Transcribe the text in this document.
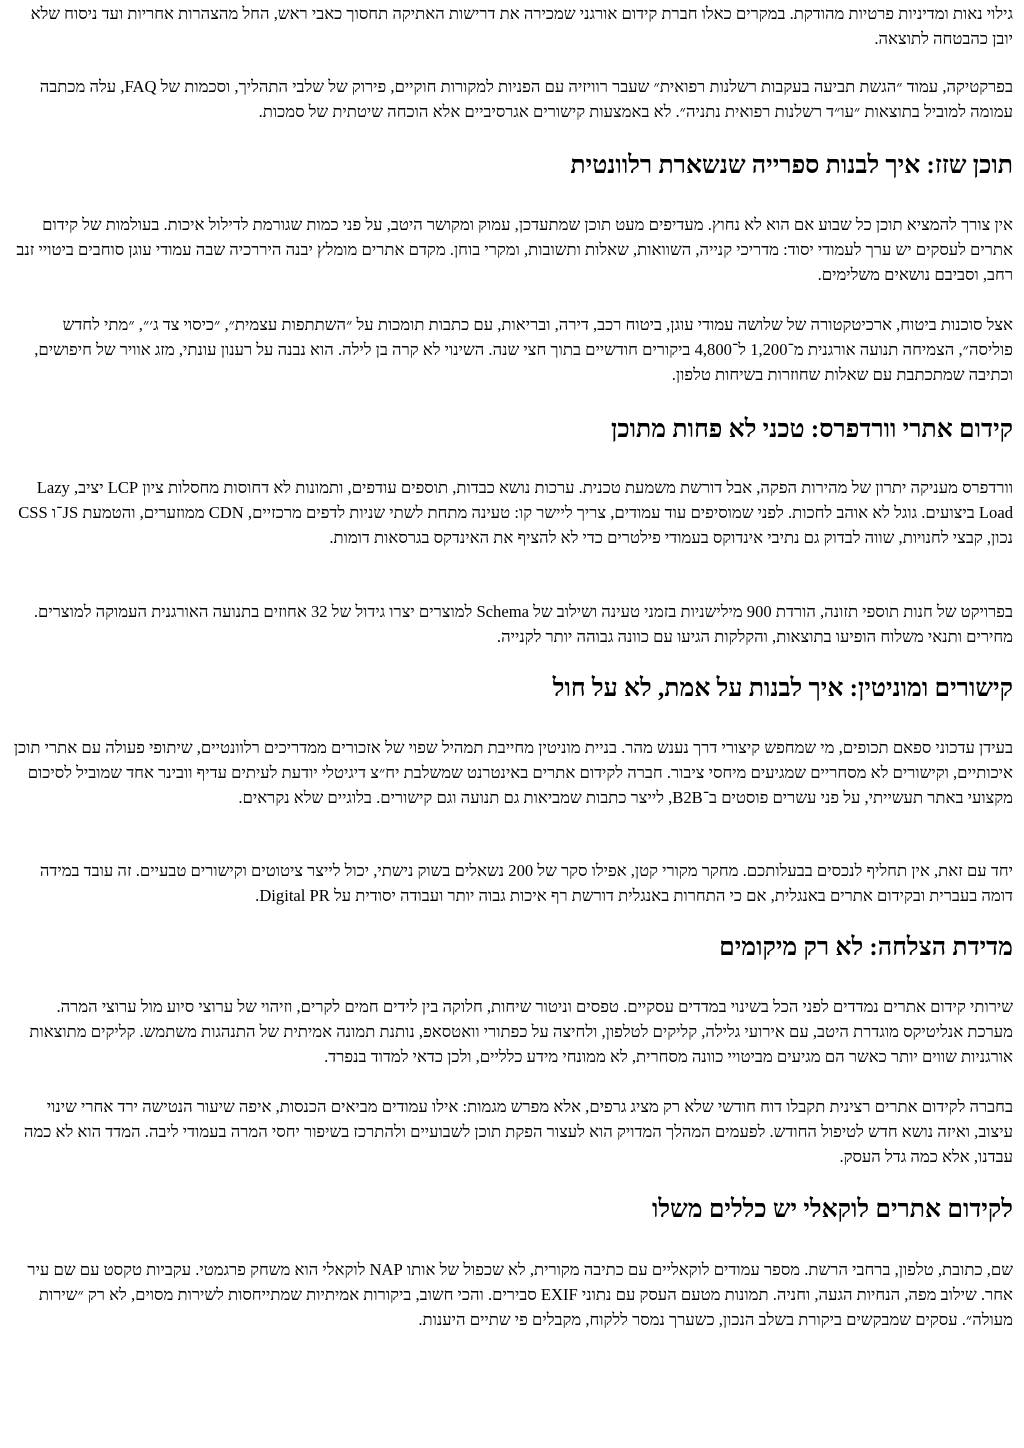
גילוי נאות ומדיניות פרטיות מהודקת. במקרים כאלו חברת קידום אורגני שמכירה את דרישות האתיקה תחסוך כאבי ראש, החל מהצהרות אחריות ועד ניסוח שלא יובן כהבטחה לתוצאה.

בפרקטיקה, עמוד ״הגשת תביעה בעקבות רשלנות רפואית״ שעבר רוויזיה עם הפניות למקורות חוקיים, פירוק של שלבי התהליך, וסכמות של FAQ, עלה מכתבה עמומה למוביל בתוצאות ״עו״ד רשלנות רפואית נתניה״. לא באמצעות קישורים אגרסיביים אלא הוכחה שיטתית של סמכות.

תוכן שזז: איך לבנות ספרייה שנשארת רלוונטית

אין צורך להמציא תוכן כל שבוע אם הוא לא נחוץ. מעדיפים מעט תוכן שמתעדכן, עמוק ומקושר היטב, על פני כמות שגורמת לדילול איכות. בעולמות של קידום אתרים לעסקים יש ערך לעמודי יסוד: מדריכי קנייה, השוואות, שאלות ותשובות, ומקרי בוחן. מקדם אתרים מומלץ יבנה היררכיה שבה עמודי עוגן סוחבים ביטויי זנב רחב, וסביבם נושאים משלימים.

אצל סוכנות ביטוח, ארכיטקטורה של שלושה עמודי עוגן, ביטוח רכב, דירה, ובריאות, עם כתבות תומכות על ״השתתפות עצמית״, ״כיסוי צד ג׳״, ״מתי לחדש פוליסה״, הצמיחה תנועה אורגנית מ־1,200 ל־4,800 ביקורים חודשיים בתוך חצי שנה. השינוי לא קרה בן לילה. הוא נבנה על רענון עונתי, מזג אוויר של חיפושים, וכתיבה שמתכתבת עם שאלות שחוזרות בשיחות טלפון.

קידום אתרי וורדפרס: טכני לא פחות מתוכן

וורדפרס מעניקה יתרון של מהירות הפקה, אבל דורשת משמעת טכנית. ערכות נושא כבדות, תוספים עודפים, ותמונות לא דחוסות מחסלות ציון LCP יציב, Lazy Load ביצועים. גוגל לא אוהב לחכות. לפני שמוסיפים עוד עמודים, צריך ליישר קו: טעינה מתחת לשתי שניות לדפים מרכזיים, CDN ממוזערים, והטמעת JS־ו CSS נכון, קבצי לחנויות, שווה לבדוק גם נתיבי אינדוקס בעמודי פילטרים כדי לא להציף את האינדקס בגרסאות דומות.

בפרויקט של חנות תוספי תזונה, הורדת 900 מילישניות בזמני טעינה ושילוב של Schema למוצרים יצרו גידול של 32 אחוזים בתנועה האורגנית העמוקה למוצרים. מחירים ותנאי משלוח הופיעו בתוצאות, והקלקות הגיעו עם כוונה גבוהה יותר לקנייה.

קישורים ומוניטין: איך לבנות על אמת, לא על חול

בעידן עדכוני ספאם תכופים, מי שמחפש קיצורי דרך נענש מהר. בניית מוניטין מחייבת תמהיל שפוי של אזכורים ממדריכים רלוונטיים, שיתופי פעולה עם אתרי תוכן איכותיים, וקישורים לא מסחריים שמגיעים מיחסי ציבור. חברה לקידום אתרים באינטרנט שמשלבת יח״צ דיגיטלי יודעת לעיתים עדיף וובינר אחד שמוביל לסיכום מקצועי באתר תעשייתי, על פני עשרים פוסטים ב־B2B, לייצר כתבות שמביאות גם תנועה וגם קישורים. בלוגיים שלא נקראים.

יחד עם זאת, אין תחליף לנכסים בבעלותכם. מחקר מקורי קטן, אפילו סקר של 200 נשאלים בשוק נישתי, יכול לייצר ציטוטים וקישורים טבעיים. זה עובד במידה דומה בעברית ובקידום אתרים באנגלית, אם כי התחרות באנגלית דורשת רף איכות גבוה יותר ועבודה יסודית על Digital PR.

מדידת הצלחה: לא רק מיקומים

שירותי קידום אתרים נמדדים לפני הכל בשינוי במדדים עסקיים. טפסים וניטור שיחות, חלוקה בין לידים חמים לקרים, וזיהוי של ערוצי סיוע מול ערוצי המרה. מערכת אנליטיקס מוגדרת היטב, עם אירועי גלילה, קליקים לטלפון, ולחיצה על כפתורי וואטסאפ, נותנת תמונה אמיתית של התנהגות משתמש. קליקים מתוצאות אורגניות שווים יותר כאשר הם מגיעים מביטויי כוונה מסחרית, לא ממונחי מידע כלליים, ולכן כדאי למדוד בנפרד.

בחברה לקידום אתרים רצינית תקבלו דוח חודשי שלא רק מציג גרפים, אלא מפרש מגמות: אילו עמודים מביאים הכנסות, איפה שיעור הנטישה ירד אחרי שינוי עיצוב, ואיזה נושא חדש לטיפול החודש. לפעמים המהלך המדויק הוא לעצור הפקת תוכן לשבועיים ולהתרכז בשיפור יחסי המרה בעמודי ליבה. המדד הוא לא כמה עבדנו, אלא כמה גדל העסק.

לקידום אתרים לוקאלי יש כללים משלו

שם, כתובת, טלפון, ברחבי הרשת. מספר עמודים לוקאליים עם כתיבה מקורית, לא שכפול של אותו NAP לוקאלי הוא משחק פרגמטי. עקביות טקסט עם שם עיר אחר. שילוב מפה, הנחיות הגעה, וחניה. תמונות מטעם העסק עם נתוני EXIF סבירים. והכי חשוב, ביקורות אמיתיות שמתייחסות לשירות מסוים, לא רק ״שירות מעולה״. עסקים שמבקשים ביקורת בשלב הנכון, כשערך נמסר ללקוח, מקבלים פי שתיים היענות.
